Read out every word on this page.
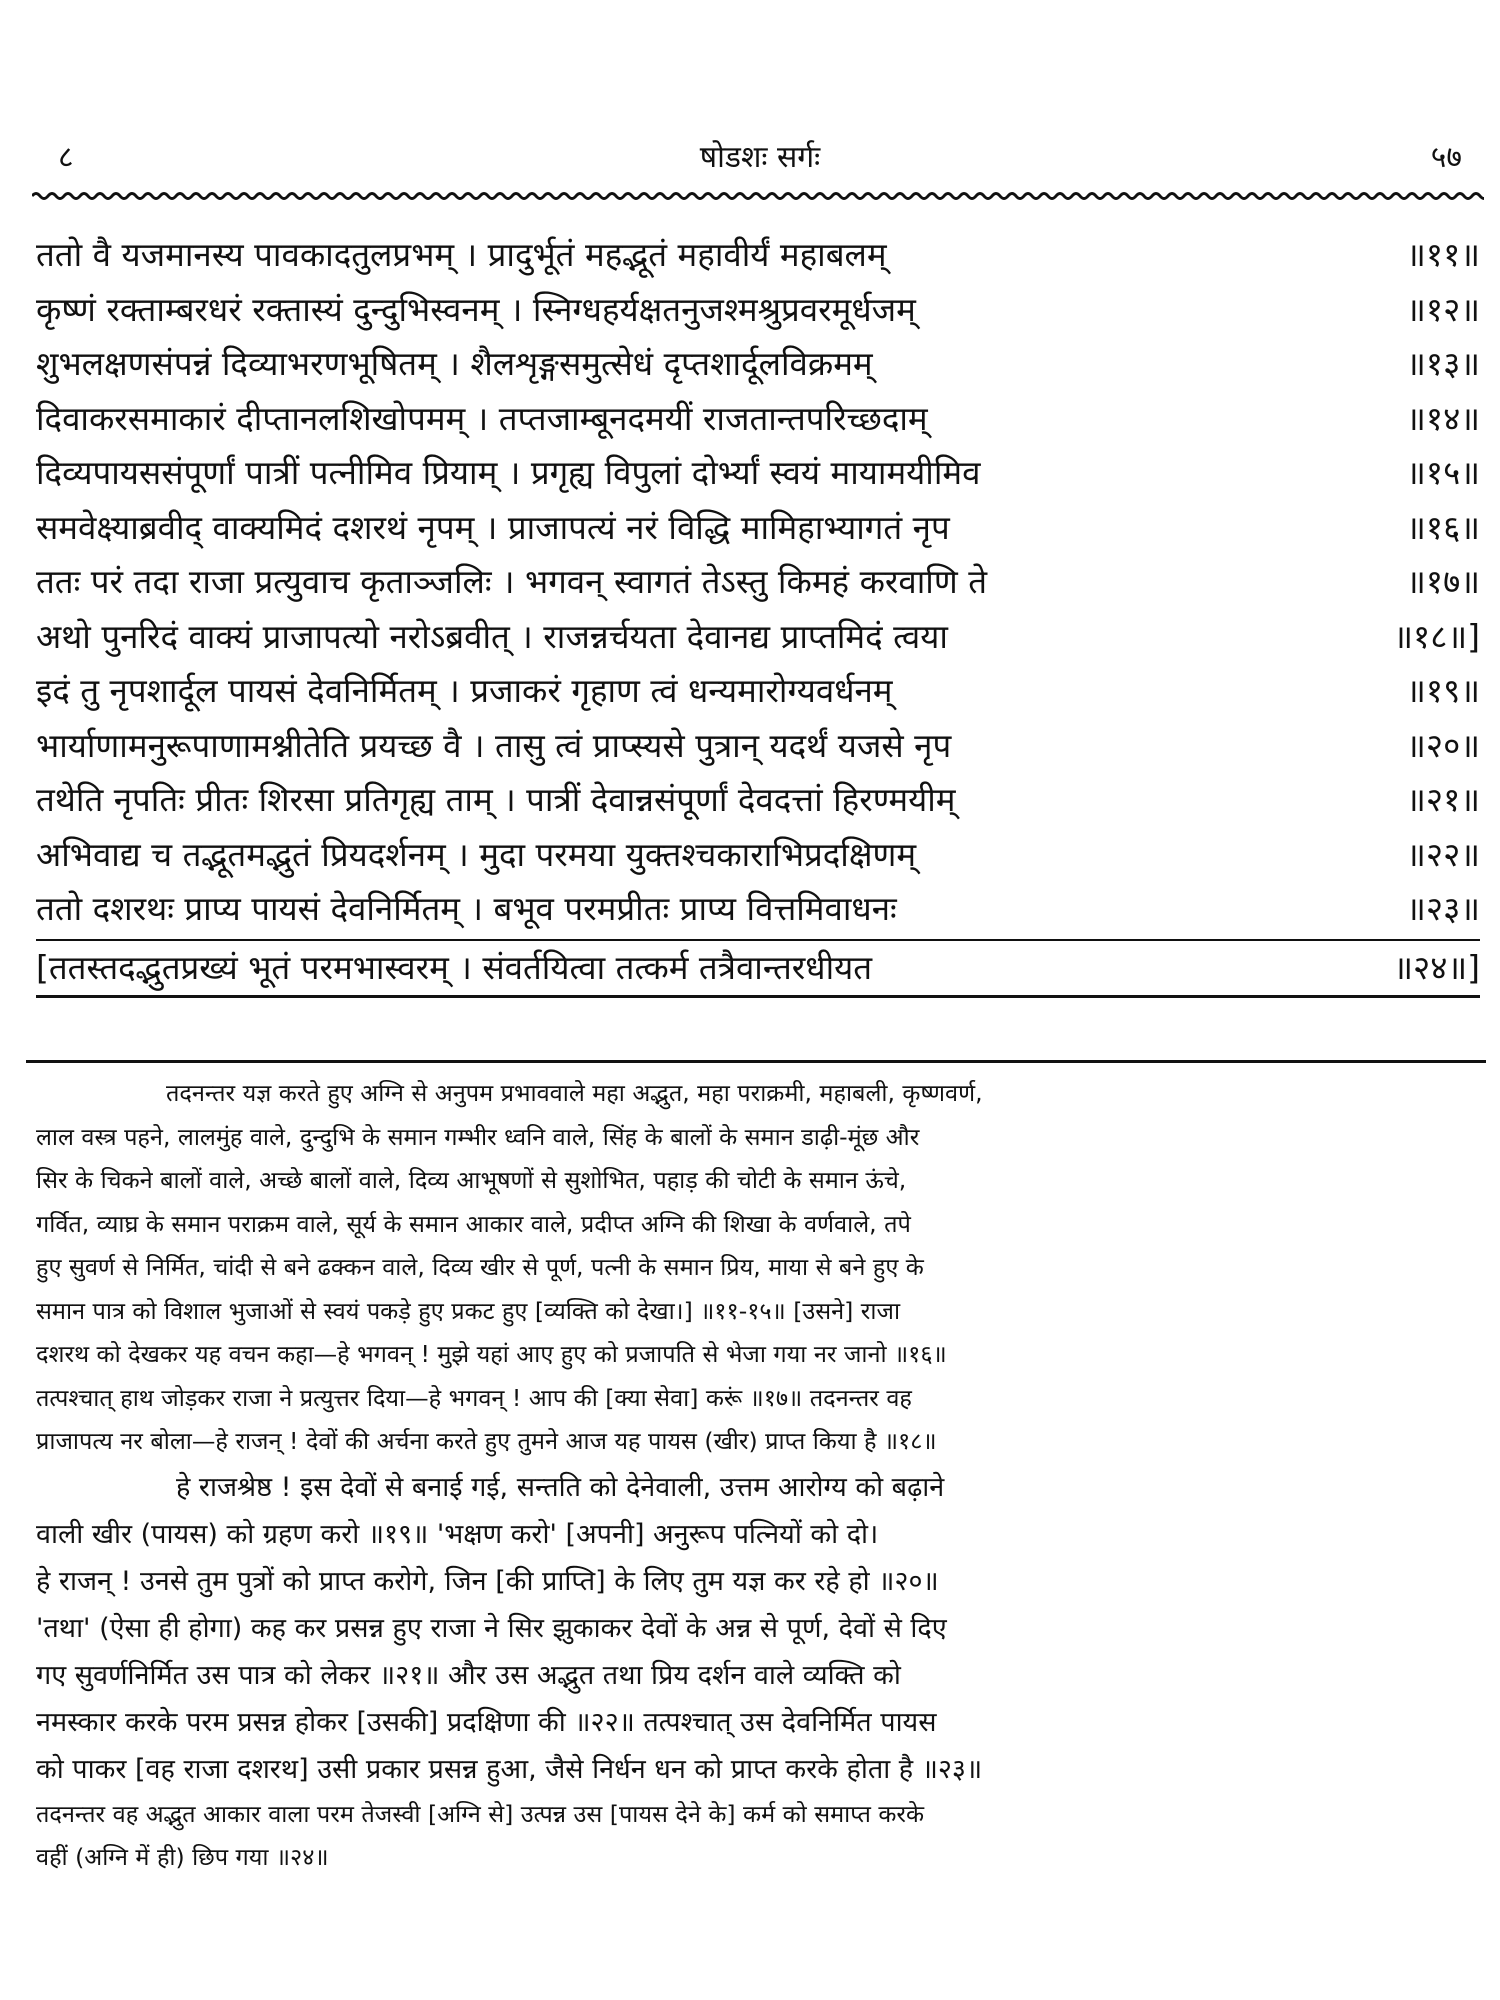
८	षोडशः सर्गः	५७
ततो वै यजमानस्य पावकादतुलप्रभम् । प्रादुर्भूतं महद्भूतं महावीर्यं महाबलम्	॥११॥
कृष्णं रक्ताम्बरधरं रक्तास्यं दुन्दुभिस्वनम् । स्निग्धहर्यक्षतनुजश्मश्रुप्रवरमूर्धजम्	॥१२॥
शुभलक्षणसंपन्नं दिव्याभरणभूषितम् । शैलशृङ्गसमुत्सेधं दृप्तशार्दूलविक्रमम्	॥१३॥
दिवाकरसमाकारं दीप्तानलशिखोपमम् । तप्तजाम्बूनदमयीं राजतान्तपरिच्छदाम्	॥१४॥
दिव्यपायससंपूर्णां पात्रीं पत्नीमिव प्रियाम् । प्रगृह्य विपुलां दोर्भ्यां स्वयं मायामयीमिव	॥१५॥
समवेक्ष्याब्रवीद् वाक्यमिदं दशरथं नृपम् । प्राजापत्यं नरं विद्धि मामिहाभ्यागतं नृप	॥१६॥
ततः परं तदा राजा प्रत्युवाच कृताञ्जलिः । भगवन् स्वागतं तेऽस्तु किमहं करवाणि ते	॥१७॥
अथो पुनरिदं वाक्यं प्राजापत्यो नरोऽब्रवीत् । राजन्नर्चयता देवानद्य प्राप्तमिदं त्वया	॥१८॥]
इदं तु नृपशार्दूल पायसं देवनिर्मितम् । प्रजाकरं गृहाण त्वं धन्यमारोग्यवर्धनम्	॥१९॥
भार्याणामनुरूपाणामश्नीतेति प्रयच्छ वै । तासु त्वं प्राप्स्यसे पुत्रान् यदर्थं यजसे नृप	॥२०॥
तथेति नृपतिः प्रीतः शिरसा प्रतिगृह्य ताम् । पात्रीं देवान्नसंपूर्णां देवदत्तां हिरण्मयीम्	॥२१॥
अभिवाद्य च तद्भूतमद्भुतं प्रियदर्शनम् । मुदा परमया युक्तश्चकाराभिप्रदक्षिणम्	॥२२॥
ततो दशरथः प्राप्य पायसं देवनिर्मितम् । बभूव परमप्रीतः प्राप्य वित्तमिवाधनः	॥२३॥
[ततस्तदद्भुतप्रख्यं भूतं परमभास्वरम् । संवर्तयित्वा तत्कर्म तत्रैवान्तरधीयत	॥२४॥]
तदनन्तर यज्ञ करते हुए अग्नि से अनुपम प्रभाववाले महा अद्भुत, महा पराक्रमी, महाबली, कृष्णवर्ण,
लाल वस्त्र पहने, लालमुंह वाले, दुन्दुभि के समान गम्भीर ध्वनि वाले, सिंह के बालों के समान डाढ़ी-मूंछ और
सिर के चिकने बालों वाले, अच्छे बालों वाले, दिव्य आभूषणों से सुशोभित, पहाड़ की चोटी के समान ऊंचे,
गर्वित, व्याघ्र के समान पराक्रम वाले, सूर्य के समान आकार वाले, प्रदीप्त अग्नि की शिखा के वर्णवाले, तपे
हुए सुवर्ण से निर्मित, चांदी से बने ढक्कन वाले, दिव्य खीर से पूर्ण, पत्नी के समान प्रिय, माया से बने हुए के
समान पात्र को विशाल भुजाओं से स्वयं पकड़े हुए प्रकट हुए [व्यक्ति को देखा।] ॥११-१५॥ [उसने] राजा
दशरथ को देखकर यह वचन कहा—हे भगवन् ! मुझे यहां आए हुए को प्रजापति से भेजा गया नर जानो ॥१६॥
तत्पश्चात् हाथ जोड़कर राजा ने प्रत्युत्तर दिया—हे भगवन् ! आप की [क्या सेवा] करूं ॥१७॥ तदनन्तर वह
प्राजापत्य नर बोला—हे राजन् ! देवों की अर्चना करते हुए तुमने आज यह पायस (खीर) प्राप्त किया है ॥१८॥
हे राजश्रेष्ठ ! इस देवों से बनाई गई, सन्तति को देनेवाली, उत्तम आरोग्य को बढ़ाने
वाली खीर (पायस) को ग्रहण करो ॥१९॥ 'भक्षण करो' [अपनी] अनुरूप पत्नियों को दो।
हे राजन् ! उनसे तुम पुत्रों को प्राप्त करोगे, जिन [की प्राप्ति] के लिए तुम यज्ञ कर रहे हो ॥२०॥
'तथा' (ऐसा ही होगा) कह कर प्रसन्न हुए राजा ने सिर झुकाकर देवों के अन्न से पूर्ण, देवों से दिए
गए सुवर्णनिर्मित उस पात्र को लेकर ॥२१॥ और उस अद्भुत तथा प्रिय दर्शन वाले व्यक्ति को
नमस्कार करके परम प्रसन्न होकर [उसकी] प्रदक्षिणा की ॥२२॥ तत्पश्चात् उस देवनिर्मित पायस
को पाकर [वह राजा दशरथ] उसी प्रकार प्रसन्न हुआ, जैसे निर्धन धन को प्राप्त करके होता है ॥२३॥
तदनन्तर वह अद्भुत आकार वाला परम तेजस्वी [अग्नि से] उत्पन्न उस [पायस देने के] कर्म को समाप्त करके
वहीं (अग्नि में ही) छिप गया ॥२४॥
